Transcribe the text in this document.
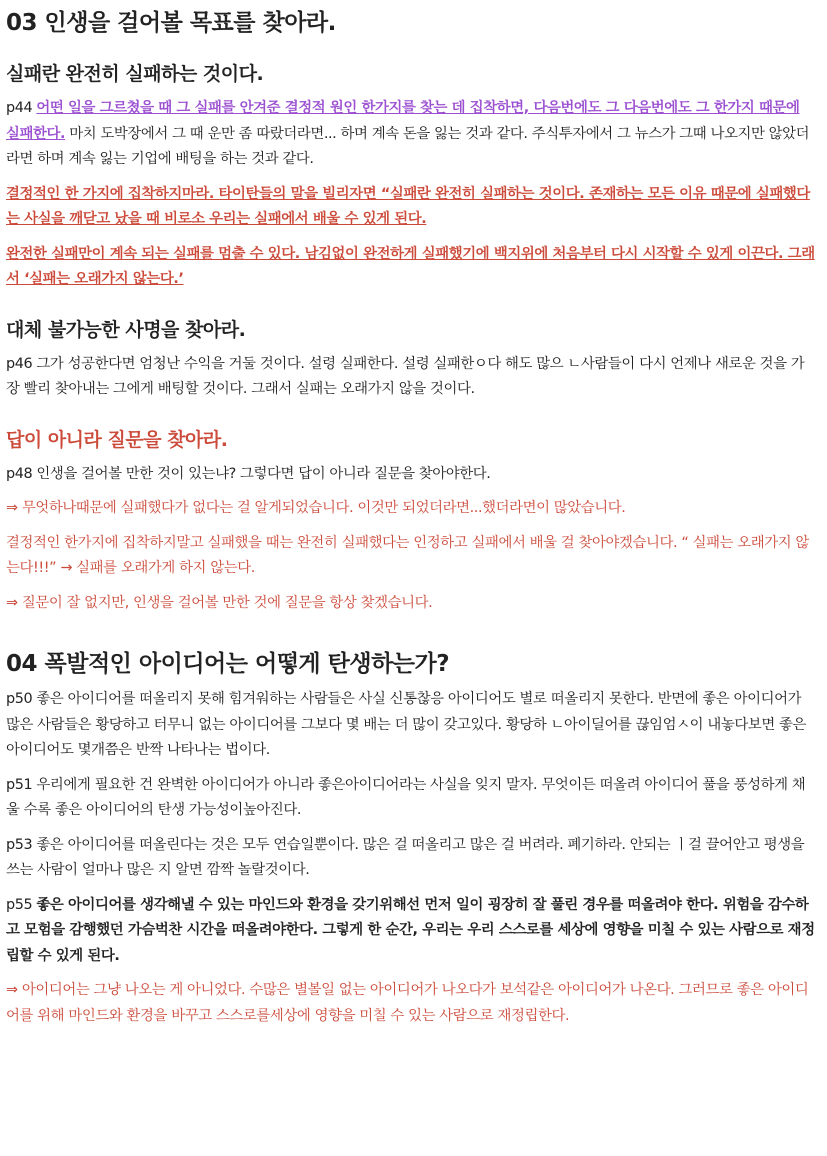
03 인생을 걸어볼 목표를 찾아라.
실패란 완전히 실패하는 것이다.

p44 어떤 일을 그르쳤을 때 그 실패를 안겨준 결정적 원인 한가지를 찾는 데 집착하면, 다음번에도 그 다음번에도 그 한가지 때문에 실패한다. 마치 도박장에서 그 때 운만 좀 따랐더라면... 하며 계속 돈을 잃는 것과 같다. 주식투자에서 그 뉴스가 그때 나오지만 않았더라면 하며 계속 잃는 기업에 배팅을 하는 것과 같다.

결정적인 한 가지에 집착하지마라. 타이탄들의 말을 빌리자면 “실패란 완전히 실패하는 것이다. 존재하는 모든 이유 때문에 실패했다는 사실을 깨닫고 났을 때 비로소 우리는 실패에서 배울 수 있게 된다.

완전한 실패만이 계속 되는 실패를 멈출 수 있다. 남김없이 완전하게 실패했기에 백지위에 처음부터 다시 시작할 수 있게 이끈다. 그래서 ‘실패는 오래가지 않는다.’

대체 불가능한 사명을 찾아라.

p46 그가 성공한다면 엄청난 수익을 거둘 것이다. 설령 실패한다. 설령 실패한ㅇ다 해도 많으 ㄴ사람들이 다시 언제나 새로운 것을 가장 빨리 찾아내는 그에게 배팅할 것이다. 그래서 실패는 오래가지 않을 것이다.

답이 아니라 질문을 찾아라.

p48 인생을 걸어볼 만한 것이 있는냐? 그렇다면 답이 아니라 질문을 찾아야한다.

⇒ 무엇하나때문에 실패했다가 없다는 걸 알게되었습니다. 이것만 되었더라면...했더라면이 많았습니다.

결정적인 한가지에 집착하지말고 실패했을 때는 완전히 실패했다는 인정하고 실패에서 배울 걸 찾아야겠습니다. “ 실패는 오래가지 않는다!!!” → 실패를 오래가게 하지 않는다.

⇒ 질문이 잘 없지만, 인생을 걸어볼 만한 것에 질문을 항상 찾겠습니다.

04 폭발적인 아이디어는 어떻게 탄생하는가?

p50 좋은 아이디어를 떠올리지 못해 힘겨워하는 사람들은 사실 신통찮응 아이디어도 별로 떠올리지 못한다. 반면에 좋은 아이디어가 많은 사람들은 황당하고 터무니 없는 아이디어를 그보다 몇 배는 더 많이 갖고있다. 황당하 ㄴ아이딜어를 끊임엄ㅅ이 내놓다보면 좋은 아이디어도 몇개쯤은 반짝 나타나는 법이다.

p51 우리에게 필요한 건 완벽한 아이디어가 아니라 좋은아이디어라는 사실을 잊지 말자. 무엇이든 떠올려 아이디어 풀을 풍성하게 채울 수록 좋은 아이디어의 탄생 가능성이높아진다.

p53 좋은 아이디어를 떠올린다는 것은 모두 연습일뿐이다. 많은 걸 떠올리고 많은 걸 버려라. 폐기하라. 안되는 ㅣ걸 끌어안고 평생을 쓰는 사람이 얼마나 많은 지 알면 깜짝 놀랄것이다.

p55 좋은 아이디어를 생각해낼 수 있는 마인드와 환경을 갖기위해선 먼저 일이 굉장히 잘 풀린 경우를 떠올려야 한다. 위험을 감수하고 모험을 감행했던 가슴벅찬 시간을 떠올려야한다. 그렇게 한 순간, 우리는 우리 스스로를 세상에 영향을 미칠 수 있는 사람으로 재정립할 수 있게 된다.

⇒ 아이디어는 그냥 나오는 게 아니었다. 수많은 별볼일 없는 아이디어가 나오다가 보석같은 아이디어가 나온다. 그러므로 좋은 아이디어를 위해 마인드와 환경을 바꾸고 스스로를세상에 영향을 미칠 수 있는 사람으로 재정립한다.
